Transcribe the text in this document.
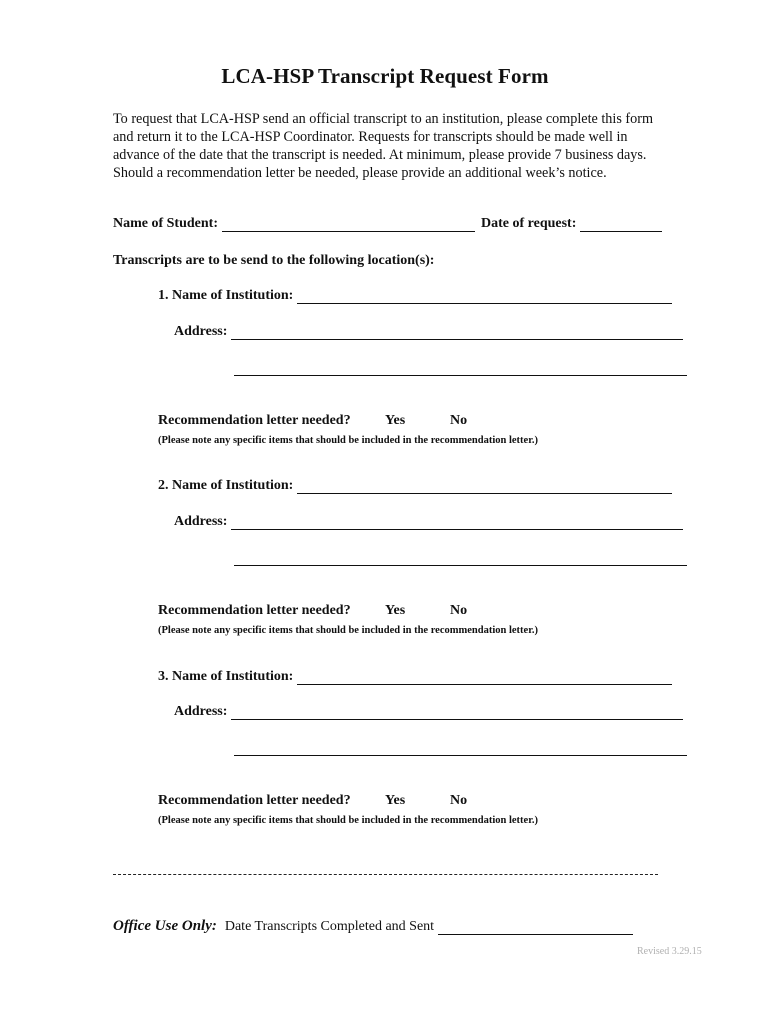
LCA-HSP Transcript Request Form
To request that LCA-HSP send an official transcript to an institution, please complete this form and return it to the LCA-HSP Coordinator. Requests for transcripts should be made well in advance of the date that the transcript is needed. At minimum, please provide 7 business days. Should a recommendation letter be needed, please provide an additional week’s notice.
Name of Student:	Date of request:
Transcripts are to be send to the following location(s):
1. Name of Institution:
Address:
Recommendation letter needed? Yes	No
(Please note any specific items that should be included in the recommendation letter.)
2. Name of Institution:
Address:
Recommendation letter needed? Yes	No
(Please note any specific items that should be included in the recommendation letter.)
3. Name of Institution:
Address:
Recommendation letter needed? Yes	No
(Please note any specific items that should be included in the recommendation letter.)
Office Use Only: Date Transcripts Completed and Sent
Revised 3.29.15
